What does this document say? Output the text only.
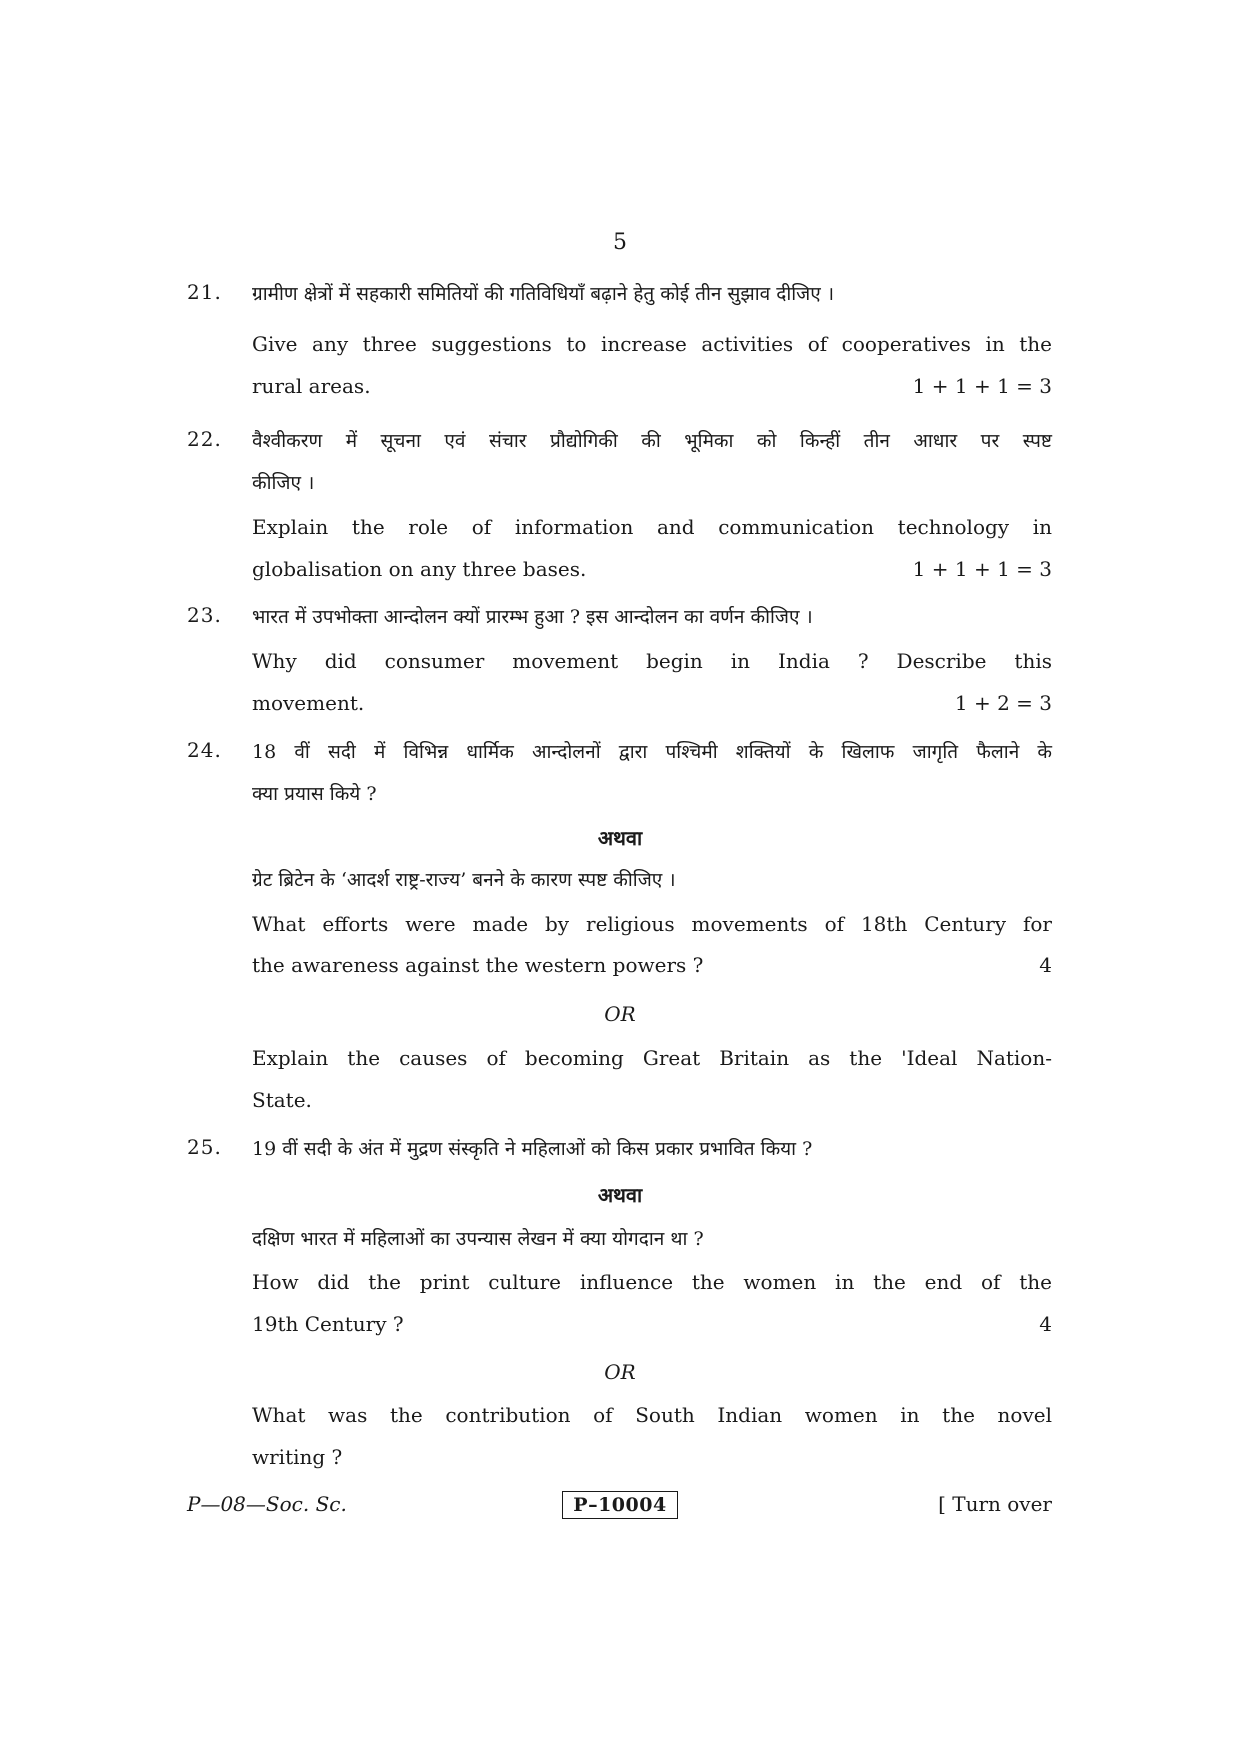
5
21.	ग्रामीण क्षेत्रों में सहकारी समितियों की गतिविधियाँ बढ़ाने हेतु कोई तीन सुझाव दीजिए ।
Give any three suggestions to increase activities of cooperatives in the
rural areas.	1 + 1 + 1 = 3
22.	वैश्वीकरण में सूचना एवं संचार प्रौद्योगिकी की भूमिका को किन्हीं तीन आधार पर स्पष्ट
कीजिए ।
Explain the role of information and communication technology in
globalisation on any three bases.	1 + 1 + 1 = 3
23.	भारत में उपभोक्ता आन्दोलन क्यों प्रारम्भ हुआ ? इस आन्दोलन का वर्णन कीजिए ।
Why did consumer movement begin in India ? Describe this
movement.	1 + 2 = 3
24.	18 वीं सदी में विभिन्न धार्मिक आन्दोलनों द्वारा पश्चिमी शक्तियों के खिलाफ जागृति फैलाने के
क्या प्रयास किये ?
अथवा
ग्रेट ब्रिटेन के ‘आदर्श राष्ट्र-राज्य’ बनने के कारण स्पष्ट कीजिए ।
What efforts were made by religious movements of 18th Century for
the awareness against the western powers ?	4
OR
Explain the causes of becoming Great Britain as the 'Ideal Nation-
State.
25.	19 वीं सदी के अंत में मुद्रण संस्कृति ने महिलाओं को किस प्रकार प्रभावित किया ?
अथवा
दक्षिण भारत में महिलाओं का उपन्यास लेखन में क्या योगदान था ?
How did the print culture influence the women in the end of the
19th Century ?	4
OR
What was the contribution of South Indian women in the novel
writing ?
P—08—Soc. Sc.	P–10004	[ Turn over
